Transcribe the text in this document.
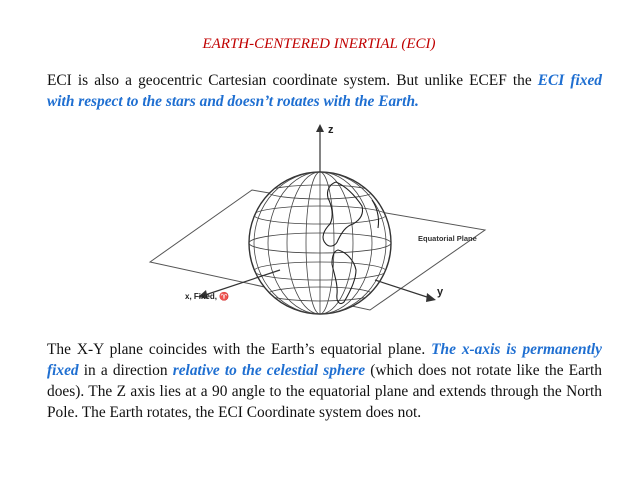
EARTH-CENTERED INERTIAL (ECI)
ECI is also a geocentric Cartesian coordinate system. But unlike ECEF the ECI fixed with respect to the stars and doesn’t rotates with the Earth.
z
y
x, Fixed, ♈
Equatorial Plane
The X-Y plane coincides with the Earth’s equatorial plane. The x-axis is permanently fixed in a direction relative to the celestial sphere (which does not rotate like the Earth does). The Z axis lies at a 90 angle to the equatorial plane and extends through the North Pole. The Earth rotates, the ECI Coordinate system does not.
